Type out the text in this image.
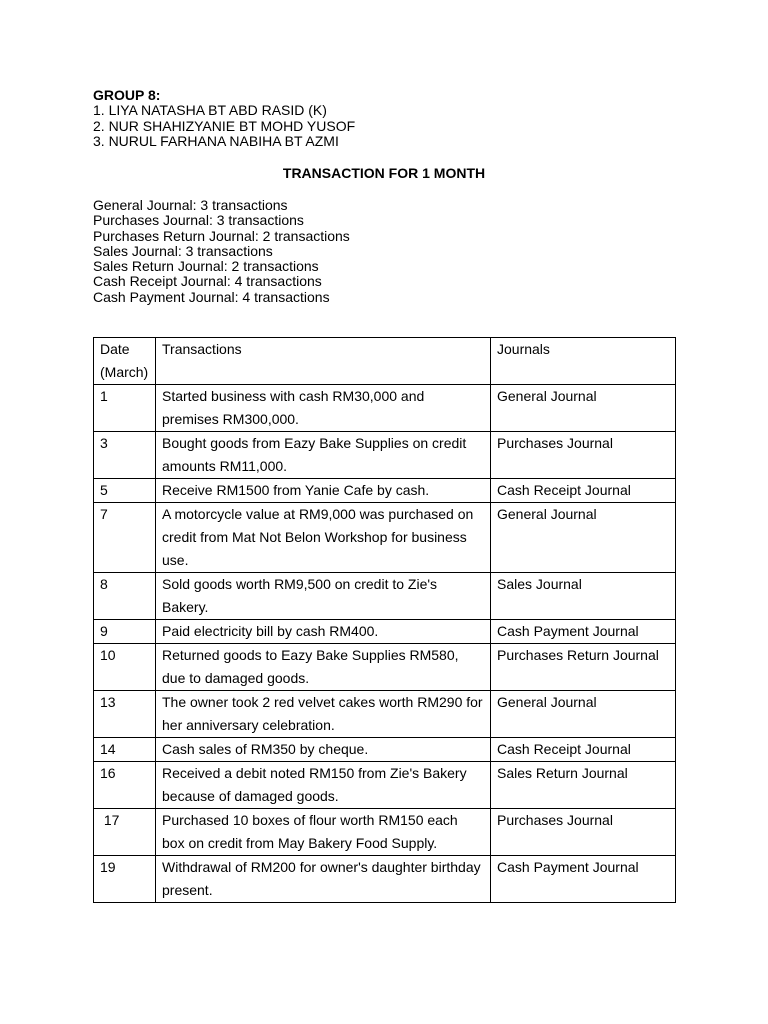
GROUP 8:
1. LIYA NATASHA BT ABD RASID (K)
2. NUR SHAHIZYANIE BT MOHD YUSOF
3. NURUL FARHANA NABIHA BT AZMI
TRANSACTION FOR 1 MONTH
General Journal: 3 transactions
Purchases Journal: 3 transactions
Purchases Return Journal: 2 transactions
Sales Journal: 3 transactions
Sales Return Journal: 2 transactions
Cash Receipt Journal: 4 transactions
Cash Payment Journal: 4 transactions
Date
(March)	Transactions	Journals
1	Started business with cash RM30,000 and premises RM300,000.	General Journal
3	Bought goods from Eazy Bake Supplies on credit amounts RM11,000.	Purchases Journal
5	Receive RM1500 from Yanie Cafe by cash.	Cash Receipt Journal
7	A motorcycle value at RM9,000 was purchased on credit from Mat Not Belon Workshop for business use.	General Journal
8	Sold goods worth RM9,500 on credit to Zie's Bakery.	Sales Journal
9	Paid electricity bill by cash RM400.	Cash Payment Journal
10	Returned goods to Eazy Bake Supplies RM580, due to damaged goods.	Purchases Return Journal
13	The owner took 2 red velvet cakes worth RM290 for her anniversary celebration.	General Journal
14	Cash sales of RM350 by cheque.	Cash Receipt Journal
16	Received a debit noted RM150 from Zie's Bakery because of damaged goods.	Sales Return Journal
17	Purchased 10 boxes of flour worth RM150 each box on credit from May Bakery Food Supply.	Purchases Journal
19	Withdrawal of RM200 for owner's daughter birthday present.	Cash Payment Journal
